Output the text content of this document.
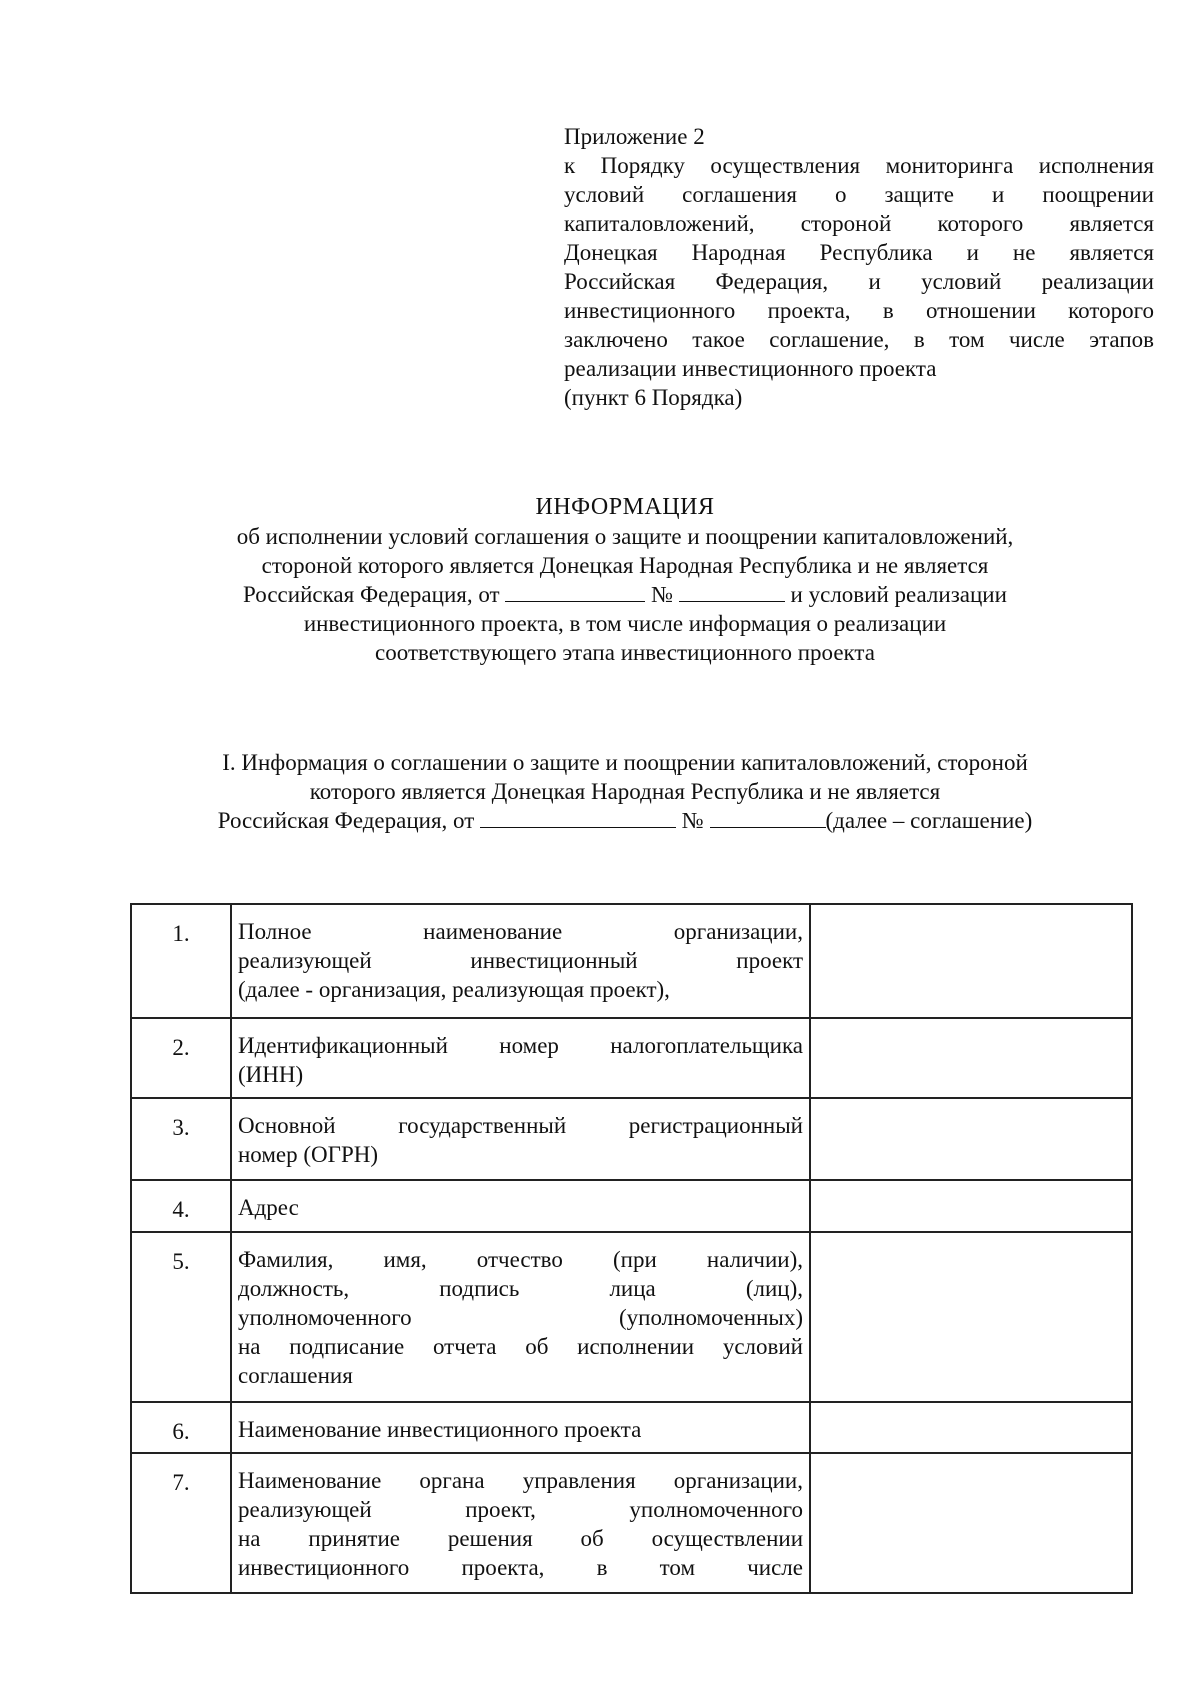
Приложение 2
к Порядку осуществления мониторинга исполнения
условий соглашения о защите и поощрении
капиталовложений, стороной которого является
Донецкая Народная Республика и не является
Российская Федерация, и условий реализации
инвестиционного проекта, в отношении которого
заключено такое соглашение, в том числе этапов
реализации инвестиционного проекта
(пункт 6 Порядка)
ИНФОРМАЦИЯ
об исполнении условий соглашения о защите и поощрении капиталовложений,
стороной которого является Донецкая Народная Республика и не является
Российская Федерация, от	№	и условий реализации
инвестиционного проекта, в том числе информация о реализации
соответствующего этапа инвестиционного проекта
I. Информация о соглашении о защите и поощрении капиталовложений, стороной
которого является Донецкая Народная Республика и не является
Российская Федерация, от	№	(далее – соглашение)
1.	Полное наименование организации,
реализующей инвестиционный проект
(далее - организация, реализующая проект),	

2.	Идентификационный номер налогоплательщика
(ИНН)	

3.	Основной государственный регистрационный
номер (ОГРН)	

4.	Адрес	

5.	Фамилия, имя, отчество (при наличии),
должность, подпись лица (лиц),
уполномоченного (уполномоченных)
на подписание отчета об исполнении условий
соглашения	

6.	Наименование инвестиционного проекта	

7.	Наименование органа управления организации,
реализующей проект, уполномоченного
на принятие решения об осуществлении
инвестиционного проекта, в том числе	
